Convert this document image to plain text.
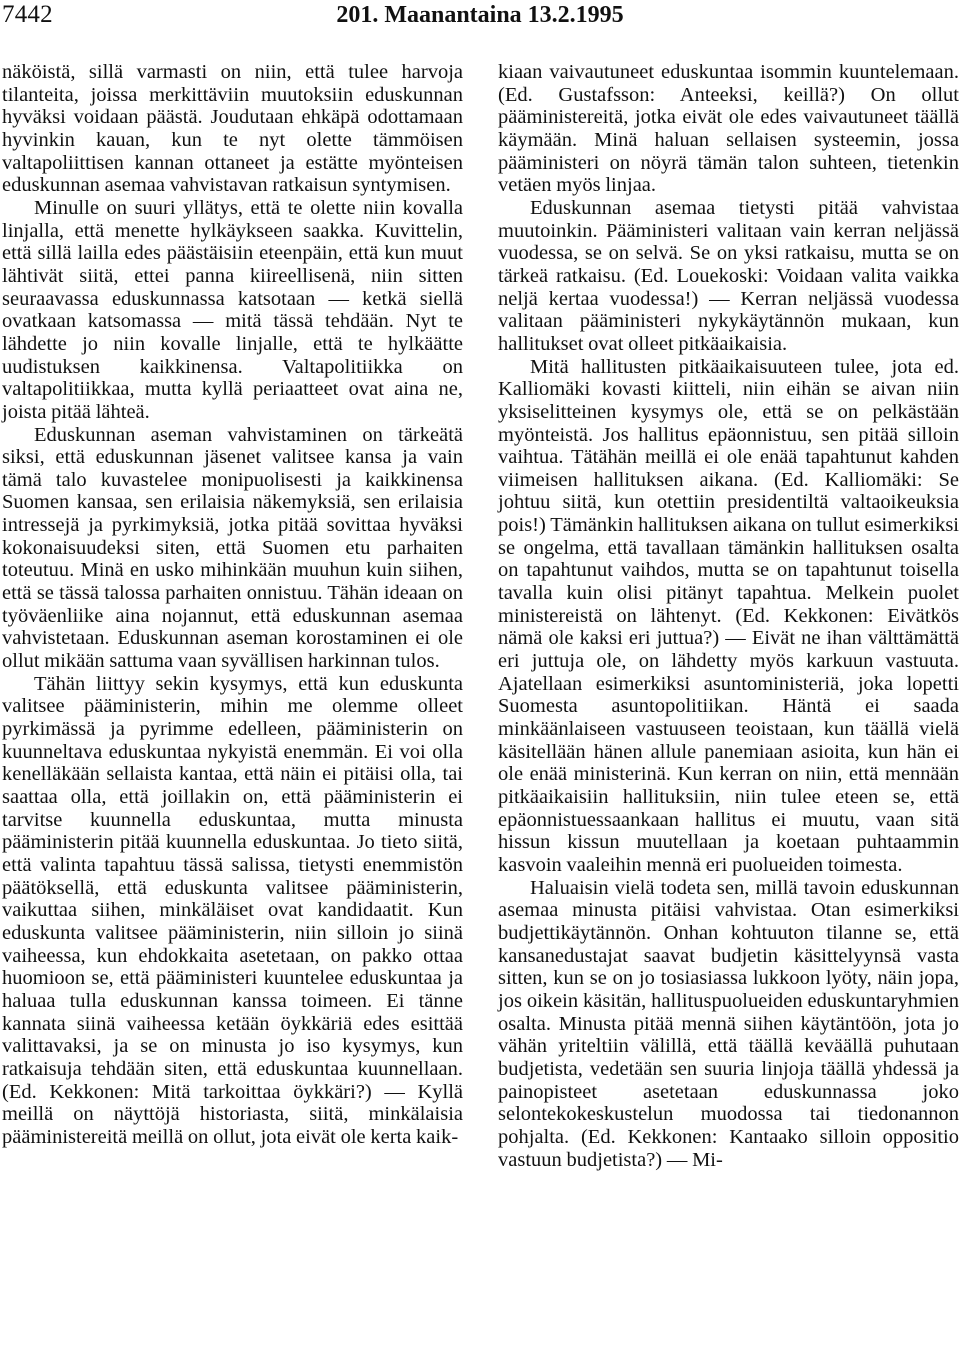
7442	201. Maanantaina 13.2.1995

näköistä, sillä varmasti on niin, että tulee harvoja tilanteita, joissa merkittäviin muutoksiin eduskunnan hyväksi voidaan päästä. Joudutaan ehkäpä odottamaan hyvinkin kauan, kun te nyt olette tämmöisen valtapoliittisen kannan ottaneet ja estätte myönteisen eduskunnan asemaa vahvistavan ratkaisun syntymisen.

Minulle on suuri yllätys, että te olette niin kovalla linjalla, että menette hylkäykseen saakka. Kuvittelin, että sillä lailla edes päästäisiin eteenpäin, että kun muut lähtivät siitä, ettei panna kiireellisenä, niin sitten seuraavassa eduskunnassa katsotaan — ketkä siellä ovatkaan katsomassa — mitä tässä tehdään. Nyt te lähdette jo niin kovalle linjalle, että te hylkäätte uudistuksen kaikkinensa. Valtapolitiikka on valtapolitiikkaa, mutta kyllä periaatteet ovat aina ne, joista pitää lähteä.

Eduskunnan aseman vahvistaminen on tärkeätä siksi, että eduskunnan jäsenet valitsee kansa ja vain tämä talo kuvastelee monipuolisesti ja kaikkinensa Suomen kansaa, sen erilaisia näkemyksiä, sen erilaisia intressejä ja pyrkimyksiä, jotka pitää sovittaa hyväksi kokonaisuudeksi siten, että Suomen etu parhaiten toteutuu. Minä en usko mihinkään muuhun kuin siihen, että se tässä talossa parhaiten onnistuu. Tähän ideaan on työväenliike aina nojannut, että eduskunnan asemaa vahvistetaan. Eduskunnan aseman korostaminen ei ole ollut mikään sattuma vaan syvällisen harkinnan tulos.

Tähän liittyy sekin kysymys, että kun eduskunta valitsee pääministerin, mihin me olemme olleet pyrkimässä ja pyrimme edelleen, pääministerin on kuunneltava eduskuntaa nykyistä enemmän. Ei voi olla kenelläkään sellaista kantaa, että näin ei pitäisi olla, tai saattaa olla, että joillakin on, että pääministerin ei tarvitse kuunnella eduskuntaa, mutta minusta pääministerin pitää kuunnella eduskuntaa. Jo tieto siitä, että valinta tapahtuu tässä salissa, tietysti enemmistön päätöksellä, että eduskunta valitsee pääministerin, vaikuttaa siihen, minkäläiset ovat kandidaatit. Kun eduskunta valitsee pääministerin, niin silloin jo siinä vaiheessa, kun ehdokkaita asetetaan, on pakko ottaa huomioon se, että pääministeri kuuntelee eduskuntaa ja haluaa tulla eduskunnan kanssa toimeen. Ei tänne kannata siinä vaiheessa ketään öykkäriä edes esittää valittavaksi, ja se on minusta jo iso kysymys, kun ratkaisuja tehdään siten, että eduskuntaa kuunnellaan. (Ed. Kekkonen: Mitä tarkoittaa öykkäri?) — Kyllä meillä on näyttöjä historiasta, siitä, minkälaisia pääministereitä meillä on ollut, jota eivät ole kerta kaik-

kiaan vaivautuneet eduskuntaa isommin kuuntelemaan. (Ed. Gustafsson: Anteeksi, keillä?) On ollut pääministereitä, jotka eivät ole edes vaivautuneet täällä käymään. Minä haluan sellaisen systeemin, jossa pääministeri on nöyrä tämän talon suhteen, tietenkin vetäen myös linjaa.

Eduskunnan asemaa tietysti pitää vahvistaa muutoinkin. Pääministeri valitaan vain kerran neljässä vuodessa, se on selvä. Se on yksi ratkaisu, mutta se on tärkeä ratkaisu. (Ed. Louekoski: Voidaan valita vaikka neljä kertaa vuodessa!) — Kerran neljässä vuodessa valitaan pääministeri nykykäytännön mukaan, kun hallitukset ovat olleet pitkäaikaisia.

Mitä hallitusten pitkäaikaisuuteen tulee, jota ed. Kalliomäki kovasti kiitteli, niin eihän se aivan niin yksiselitteinen kysymys ole, että se on pelkästään myönteistä. Jos hallitus epäonnistuu, sen pitää silloin vaihtua. Tätähän meillä ei ole enää tapahtunut kahden viimeisen hallituksen aikana. (Ed. Kalliomäki: Se johtuu siitä, kun otettiin presidentiltä valtaoikeuksia pois!) Tämänkin hallituksen aikana on tullut esimerkiksi se ongelma, että tavallaan tämänkin hallituksen osalta on tapahtunut vaihdos, mutta se on tapahtunut toisella tavalla kuin olisi pitänyt tapahtua. Melkein puolet ministereistä on lähtenyt. (Ed. Kekkonen: Eivätkös nämä ole kaksi eri juttua?) — Eivät ne ihan välttämättä eri juttuja ole, on lähdetty myös karkuun vastuuta. Ajatellaan esimerkiksi asuntoministeriä, joka lopetti Suomesta asuntopolitiikan. Häntä ei saada minkäänlaiseen vastuuseen teoistaan, kun täällä vielä käsitellään hänen allule panemiaan asioita, kun hän ei ole enää ministerinä. Kun kerran on niin, että mennään pitkäaikaisiin hallituksiin, niin tulee eteen se, että epäonnistuessaankaan hallitus ei muutu, vaan sitä hissun kissun muutellaan ja koetaan puhtaammin kasvoin vaaleihin mennä eri puolueiden toimesta.

Haluaisin vielä todeta sen, millä tavoin eduskunnan asemaa minusta pitäisi vahvistaa. Otan esimerkiksi budjettikäytännön. Onhan kohtuuton tilanne se, että kansanedustajat saavat budjetin käsittelyynsä vasta sitten, kun se on jo tosiasiassa lukkoon lyöty, näin jopa, jos oikein käsitän, hallituspuolueiden eduskuntaryhmien osalta. Minusta pitää mennä siihen käytäntöön, jota jo vähän yriteltiin välillä, että täällä keväällä puhutaan budjetista, vedetään sen suuria linjoja täällä yhdessä ja painopisteet asetetaan eduskunnassa joko selontekokeskustelun muodossa tai tiedonannon pohjalta. (Ed. Kekkonen: Kantaako silloin oppositio vastuun budjetista?) — Mi-
